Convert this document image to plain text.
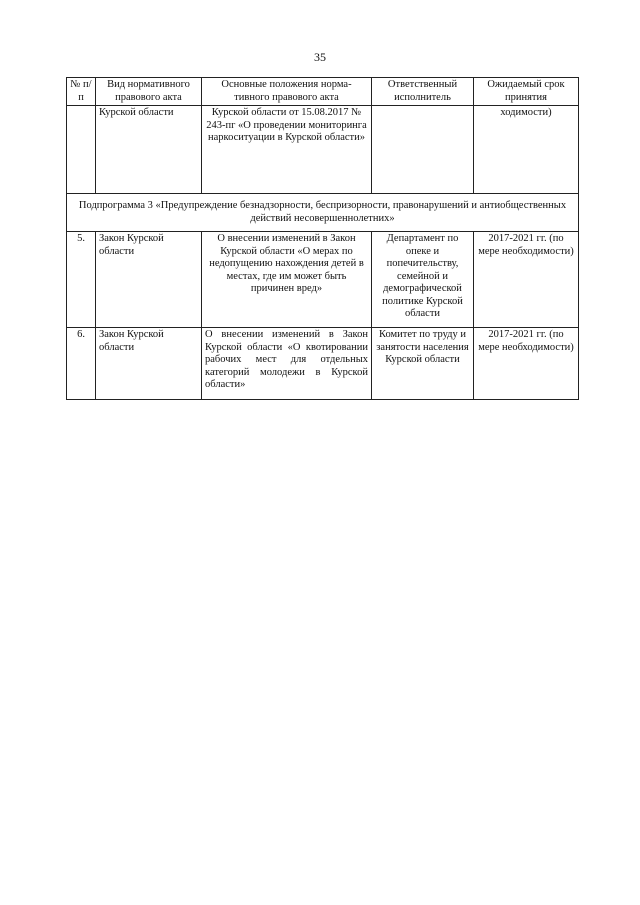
35
№ п/п	Вид нормативного правового акта	Основные положения норма-тивного правового акта	Ответственный исполнитель	Ожидаемый срок принятия
	Курской области	Курской области от 15.08.2017 № 243-пг «О проведении мониторинга наркоситуации в Курской области»		ходимости)
Подпрограмма 3 «Предупреждение безнадзорности, беспризорности, правонарушений и антиобщественных действий несовершеннолетних»				
5.	Закон Курской области	О внесении изменений в Закон Курской области «О мерах по недопущению нахождения детей в местах, где им может быть причинен вред»	Департамент по опеке и попечительству, семейной и демографической политике Курской области	2017-2021 гг. (по мере необходимости)
6.	Закон Курской области	О внесении изменений в Закон Курской области «О квотировании рабочих мест для отдельных категорий молодежи в Курской области»	Комитет по труду и занятости населения Курской области	2017-2021 гг. (по мере необходимости)
